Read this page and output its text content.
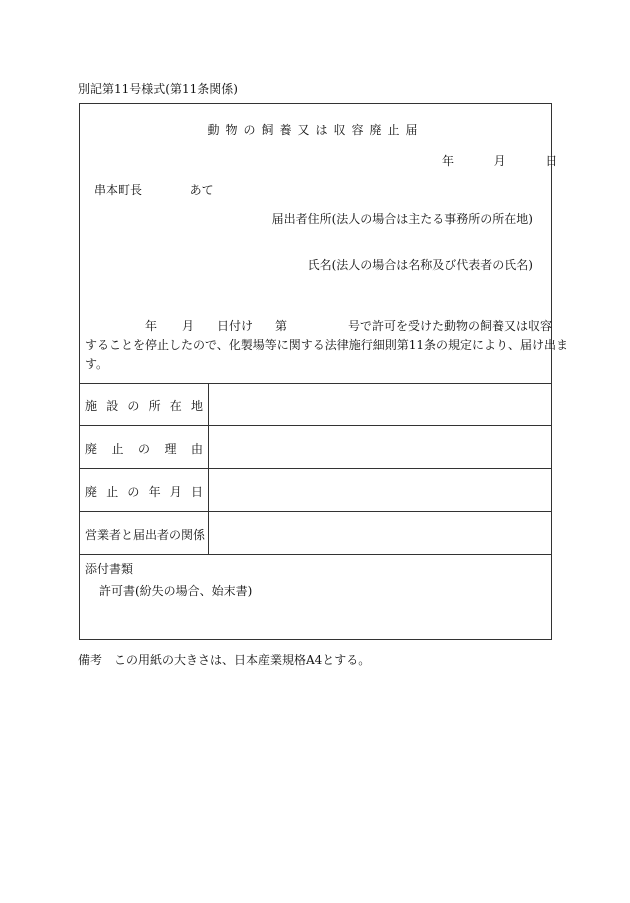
別記第11号様式(第11条関係)
動物の飼養又は収容廃止届
年	月	日
串本町長	あて
届出者住所(法人の場合は主たる事務所の所在地)
氏名(法人の場合は名称及び代表者の氏名)
年 月 日付け 第	号で許可を受けた動物の飼養又は収容
することを停止したので、化製場等に関する法律施行細則第11条の規定により、届け出ま
す。
施 設 の 所 在 地
廃 止 の 理 由
廃 止 の 年 月 日
営業者と届出者の関係
添付書類
許可書(紛失の場合、始末書)
備考　この用紙の大きさは、日本産業規格A4とする。
